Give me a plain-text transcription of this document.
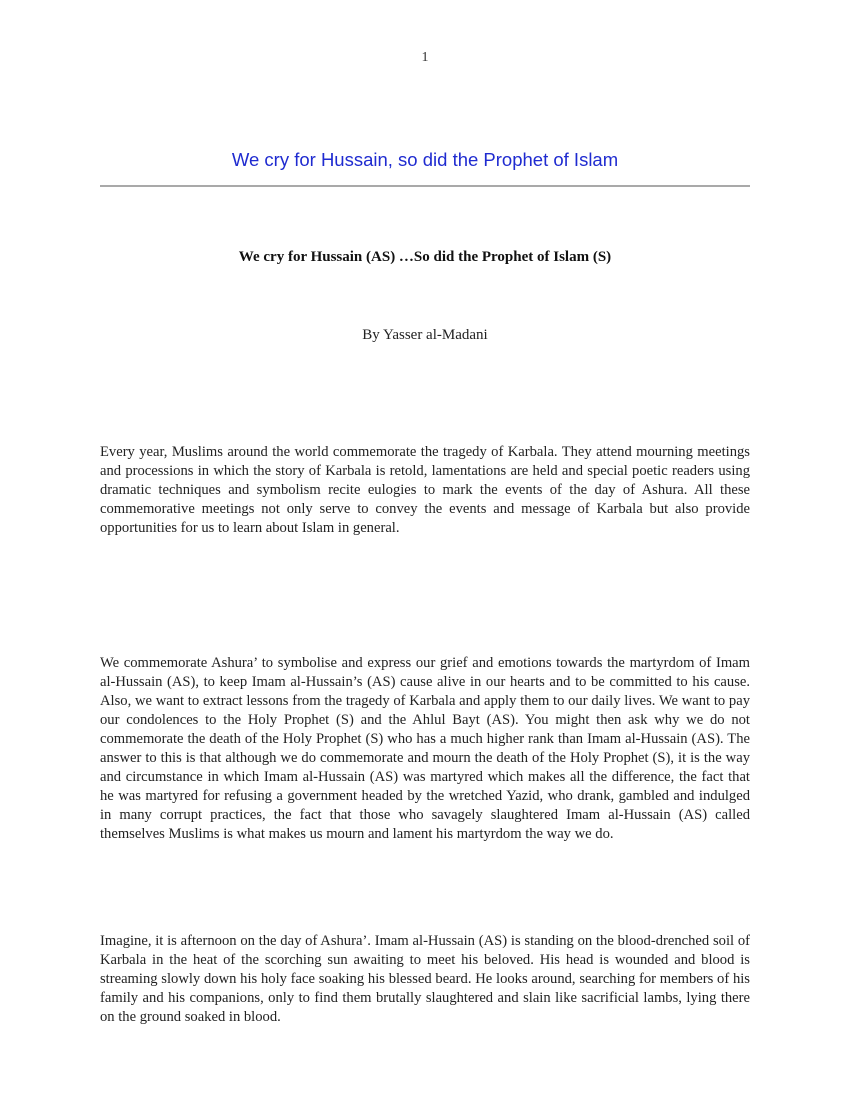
1
We cry for Hussain, so did the Prophet of Islam
We cry for Hussain (AS) …So did the Prophet of Islam (S)
By Yasser al-Madani

Every year, Muslims around the world commemorate the tragedy of Karbala. They attend mourning meetings and processions in which the story of Karbala is retold, lamentations are held and special poetic readers using dramatic techniques and symbolism recite eulogies to mark the events of the day of Ashura. All these commemorative meetings not only serve to convey the events and message of Karbala but also provide opportunities for us to learn about Islam in general.

We commemorate Ashura’ to symbolise and express our grief and emotions towards the martyrdom of Imam al-Hussain (AS), to keep Imam al-Hussain’s (AS) cause alive in our hearts and to be committed to his cause. Also, we want to extract lessons from the tragedy of Karbala and apply them to our daily lives. We want to pay our condolences to the Holy Prophet (S) and the Ahlul Bayt (AS). You might then ask why we do not commemorate the death of the Holy Prophet (S) who has a much higher rank than Imam al-Hussain (AS). The answer to this is that although we do commemorate and mourn the death of the Holy Prophet (S), it is the way and circumstance in which Imam al-Hussain (AS) was martyred which makes all the difference, the fact that he was martyred for refusing a government headed by the wretched Yazid, who drank, gambled and indulged in many corrupt practices, the fact that those who savagely slaughtered Imam al-Hussain (AS) called themselves Muslims is what makes us mourn and lament his martyrdom the way we do.

Imagine, it is afternoon on the day of Ashura’. Imam al-Hussain (AS) is standing on the blood-drenched soil of Karbala in the heat of the scorching sun awaiting to meet his beloved. His head is wounded and blood is streaming slowly down his holy face soaking his blessed beard. He looks around, searching for members of his family and his companions, only to find them brutally slaughtered and slain like sacrificial lambs, lying there on the ground soaked in blood.
